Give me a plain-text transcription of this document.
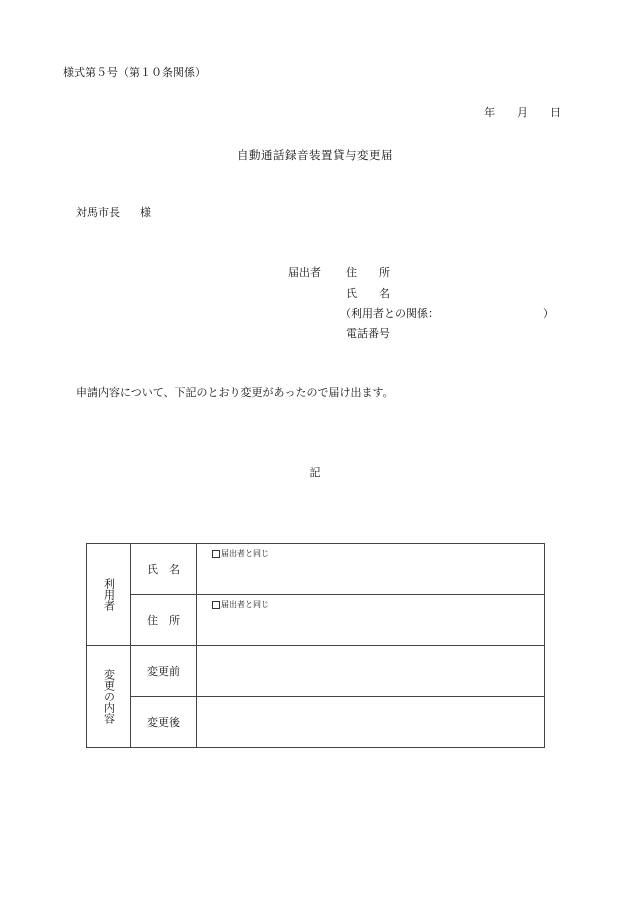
様式第５号（第１０条関係）
年 月 日
自動通話録音装置貸与変更届
対馬市長 様
届出者 住　　所
氏　　名
（利用者との関係：	）
電話番号
申請内容について、下記のとおり変更があったので届け出ます。
記
利用者	氏　名	届出者と同じ

	住　所	届出者と同じ

変更の内容	変更前	
	変更後	
